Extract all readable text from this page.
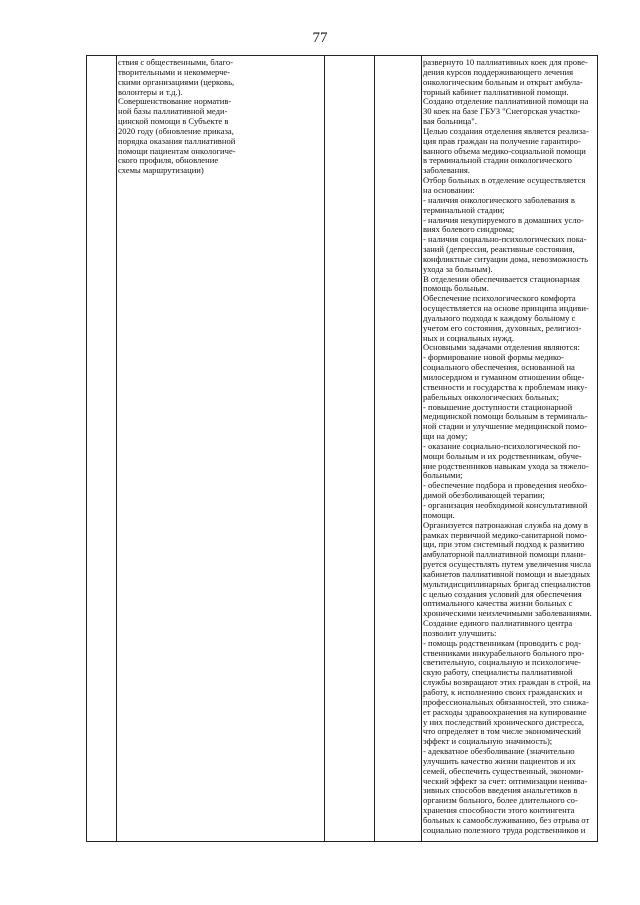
77

ствия с общественными, благо-

творительными и некоммерче-

скими организациями (церковь,

волонтеры и т.д.).

Совершенствование норматив-

ной базы паллиативной меди-

цинской помощи в Субъекте в

2020 году (обновление приказа,

порядка оказания паллиативной

помощи пациентам онкологиче-

ского профиля, обновление

схемы маршрутизации)

развернуто 10 паллиативных коек для прове-

дения курсов поддерживающего лечения

онкологическим больным и открыт амбула-

торный кабинет паллиативной помощи.

Создано отделение паллиативной помощи на

30 коек на базе ГБУЗ "Снегорская участко-

вая больница".

Целью создания отделения является реализа-

ция прав граждан на получение гарантиро-

ванного объема медико-социальной помощи

в терминальной стадии онкологического

заболевания.

Отбор больных в отделение осуществляется

на основании:

- наличия онкологического заболевания в

терминальной стадии;

- наличия некупируемого в домашних усло-

виях болевого синдрома;

- наличия социально-психологических пока-

заний (депрессия, реактивные состояния,

конфликтные ситуации дома, невозможность

ухода за больным).

В отделении обеспечивается стационарная

помощь больным.

Обеспечение психологического комфорта

осуществляется на основе принципа индиви-

дуального подхода к каждому больному с

учетом его состояния, духовных, религиоз-

ных и социальных нужд.

Основными задачами отделения являются:

- формирование новой формы медико-

социального обеспечения, основанной на

милосердном и гуманном отношении обще-

ственности и государства к проблемам инку-

рабельных онкологических больных;

- повышение доступности стационарной

медицинской помощи больным в терминаль-

ной стадии и улучшение медицинской помо-

щи на дому;

- оказание социально-психологической по-

мощи больным и их родственникам, обуче-

ние родственников навыкам ухода за тяжело-

больными;

- обеспечение подбора и проведения необхо-

димой обезболивающей терапии;

- организация необходимой консультативной

помощи.

Организуется патронажная служба на дому в

рамках первичной медико-санитарной помо-

щи, при этом системный подход к развитию

амбулаторной паллиативной помощи плани-

руется осуществлять путем увеличения числа

кабинетов паллиативной помощи и выездных

мультидисциплинарных бригад специалистов

с целью создания условий для обеспечения

оптимального качества жизни больных с

хроническими неизлечимыми заболеваниями.

Создание единого паллиативного центра

позволит улучшить:

- помощь родственникам (проводить с род-

ственниками инкурабельного больного про-

светительную, социальную и психологиче-

скую работу, специалисты паллиативной

службы возвращают этих граждан в строй, на

работу, к исполнению своих гражданских и

профессиональных обязанностей, это снижа-

ет расходы здравоохранения на купирование

у них последствий хронического дистресса,

что определяет в том числе экономический

эффект и социальную значимость);

- адекватное обезболивание (значительно

улучшить качество жизни пациентов и их

семей, обеспечить существенный, экономи-

ческий эффект за счет: оптимизации неинва-

зивных способов введения анальгетиков в

организм больного, более длительного со-

хранения способности этого контингента

больных к самообслуживанию, без отрыва от

социально полезного труда родственников и
